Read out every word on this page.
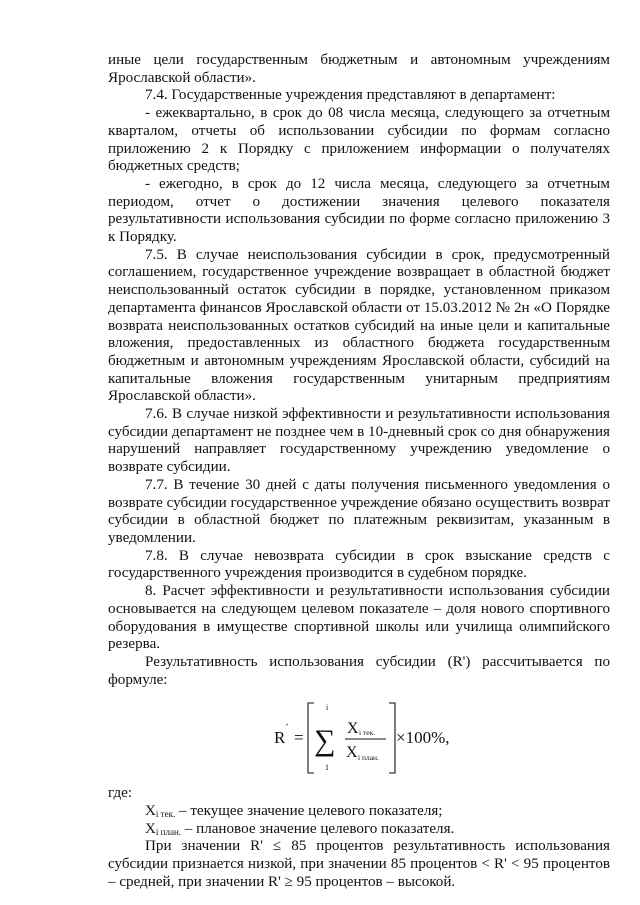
иные цели государственным бюджетным и автономным учреждениям Ярославской области».

7.4. Государственные учреждения представляют в департамент:

- ежеквартально, в срок до 08 числа месяца, следующего за отчетным кварталом, отчеты об использовании субсидии по формам согласно приложению 2 к Порядку с приложением информации о получателях бюджетных средств;

- ежегодно, в срок до 12 числа месяца, следующего за отчетным периодом, отчет о достижении значения целевого показателя результативности использования субсидии по форме согласно приложению 3 к Порядку.

7.5. В случае неиспользования субсидии в срок, предусмотренный соглашением, государственное учреждение возвращает в областной бюджет неиспользованный остаток субсидии в порядке, установленном приказом департамента финансов Ярославской области от 15.03.2012 № 2н «О Порядке возврата неиспользованных остатков субсидий на иные цели и капитальные вложения, предоставленных из областного бюджета государственным бюджетным и автономным учреждениям Ярославской области, субсидий на капитальные вложения государственным унитарным предприятиям Ярославской области».

7.6. В случае низкой эффективности и результативности использования субсидии департамент не позднее чем в 10-дневный срок со дня обнаружения нарушений направляет государственному учреждению уведомление о возврате субсидии.

7.7. В течение 30 дней с даты получения письменного уведомления о возврате субсидии государственное учреждение обязано осуществить возврат субсидии в областной бюджет по платежным реквизитам, указанным в уведомлении.

7.8. В случае невозврата субсидии в срок взыскание средств с государственного учреждения производится в судебном порядке.

8. Расчет эффективности и результативности использования субсидии основывается на следующем целевом показателе – доля нового спортивного оборудования в имуществе спортивной школы или училища олимпийского резерва.

Результативность использования субсидии (R') рассчитывается по формуле:

R ´ =
i
∑
1
X i тек.
X i план.
×100%,

где:

$X_{i тек.}$ – текущее значение целевого показателя;

$X_{i план.}$ – плановое значение целевого показателя.

При значении R' ≤ 85 процентов результативность использования субсидии признается низкой, при значении 85 процентов < R' < 95 процентов – средней, при значении R' ≥ 95 процентов – высокой.
